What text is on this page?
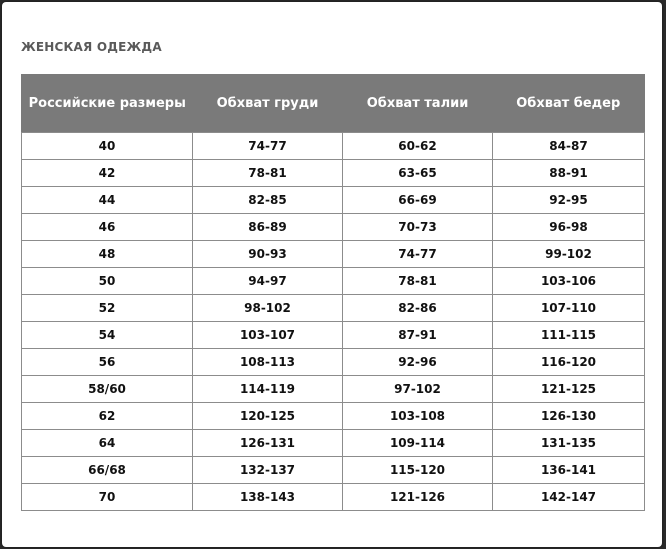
ЖЕНСКАЯ ОДЕЖДА
Российские размеры	Обхват груди	Обхват талии	Обхват бедер
40	74-77	60-62	84-87
42	78-81	63-65	88-91
44	82-85	66-69	92-95
46	86-89	70-73	96-98
48	90-93	74-77	99-102
50	94-97	78-81	103-106
52	98-102	82-86	107-110
54	103-107	87-91	111-115
56	108-113	92-96	116-120
58/60	114-119	97-102	121-125
62	120-125	103-108	126-130
64	126-131	109-114	131-135
66/68	132-137	115-120	136-141
70	138-143	121-126	142-147
